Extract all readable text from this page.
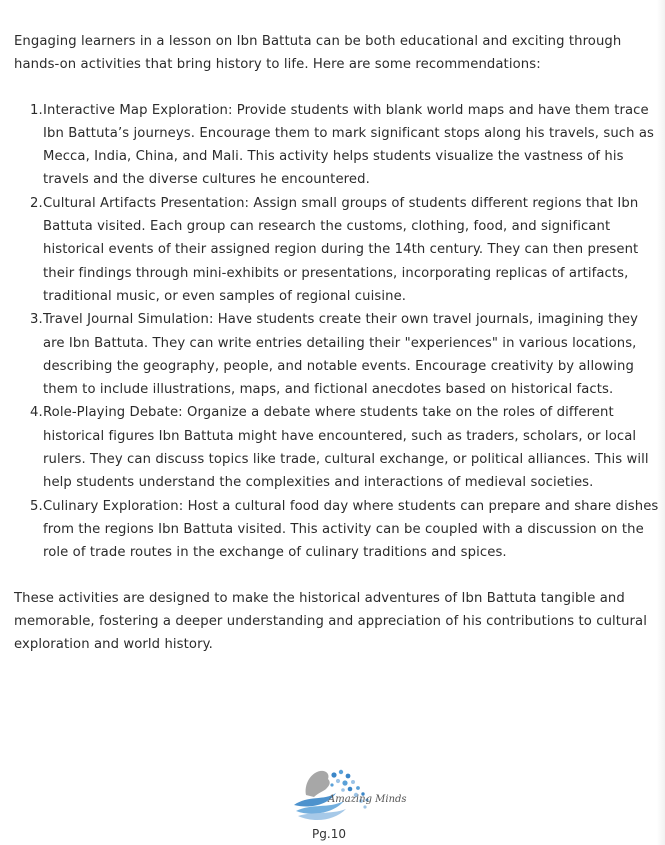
Engaging learners in a lesson on Ibn Battuta can be both educational and exciting through hands-on activities that bring history to life. Here are some recommendations:

1. Interactive Map Exploration: Provide students with blank world maps and have them trace Ibn Battuta’s journeys. Encourage them to mark significant stops along his travels, such as Mecca, India, China, and Mali. This activity helps students visualize the vastness of his travels and the diverse cultures he encountered.
2. Cultural Artifacts Presentation: Assign small groups of students different regions that Ibn Battuta visited. Each group can research the customs, clothing, food, and significant historical events of their assigned region during the 14th century. They can then present their findings through mini-exhibits or presentations, incorporating replicas of artifacts, traditional music, or even samples of regional cuisine.
3. Travel Journal Simulation: Have students create their own travel journals, imagining they are Ibn Battuta. They can write entries detailing their "experiences" in various locations, describing the geography, people, and notable events. Encourage creativity by allowing them to include illustrations, maps, and fictional anecdotes based on historical facts.
4. Role-Playing Debate: Organize a debate where students take on the roles of different historical figures Ibn Battuta might have encountered, such as traders, scholars, or local rulers. They can discuss topics like trade, cultural exchange, or political alliances. This will help students understand the complexities and interactions of medieval societies.
5. Culinary Exploration: Host a cultural food day where students can prepare and share dishes from the regions Ibn Battuta visited. This activity can be coupled with a discussion on the role of trade routes in the exchange of culinary traditions and spices.

These activities are designed to make the historical adventures of Ibn Battuta tangible and memorable, fostering a deeper understanding and appreciation of his contributions to cultural exploration and world history.

Amazing Minds
Pg.10
